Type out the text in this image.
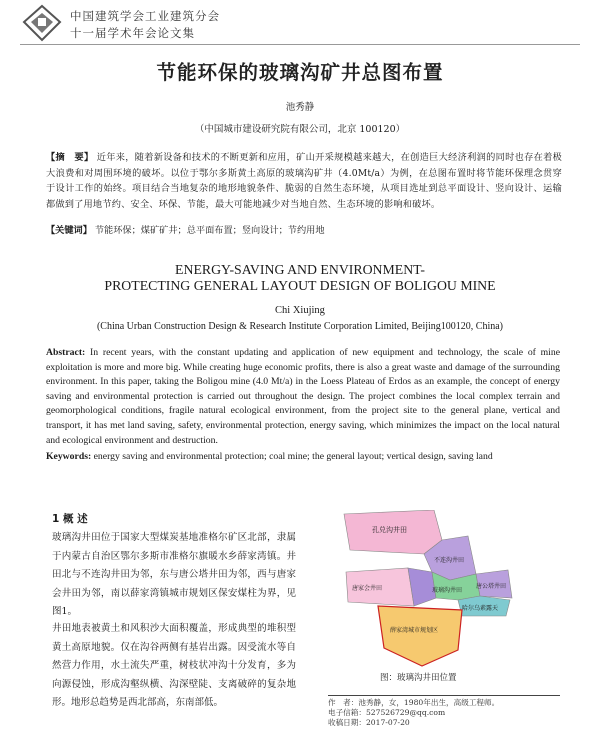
中国建筑学会工业建筑分会
十一届学术年会论文集
节能环保的玻璃沟矿井总图布置
池秀静
（中国城市建设研究院有限公司，北京 100120）
【摘　要】 近年来，随着新设备和技术的不断更新和应用，矿山开采规模越来越大，在创造巨大经济利润的同时也存在着极大浪费和对周围环境的破坏。以位于鄂尔多斯黄土高原的玻璃沟矿井（4.0Mt/a）为例，在总图布置时将节能环保理念贯穿于设计工作的始终。项目结合当地复杂的地形地貌条件、脆弱的自然生态环境，从项目选址到总平面设计、竖向设计、运输都做到了用地节约、安全、环保、节能，最大可能地减少对当地自然、生态环境的影响和破坏。
【关键词】 节能环保；煤矿矿井；总平面布置；竖向设计；节约用地
ENERGY-SAVING AND ENVIRONMENT-
PROTECTING GENERAL LAYOUT DESIGN OF BOLIGOU MINE
Chi Xiujing
(China Urban Construction Design & Research Institute Corporation Limited, Beijing100120, China)
Abstract: In recent years, with the constant updating and application of new equipment and technology, the scale of mine exploitation is more and more big. While creating huge economic profits, there is also a great waste and damage of the surrounding environment. In this paper, taking the Boligou mine (4.0 Mt/a) in the Loess Plateau of Erdos as an example, the concept of energy saving and environmental protection is carried out throughout the design. The project combines the local complex terrain and geomorphological conditions, fragile natural ecological environment, from the project site to the general plane, vertical and transport, it has met land saving, safety, environmental protection, energy saving, which minimizes the impact on the local natural and ecological environment and destruction.
Keywords: energy saving and environmental protection; coal mine; the general layout; vertical design, saving land
1 概 述
玻璃沟井田位于国家大型煤炭基地准格尔矿区北部，隶属于内蒙古自治区鄂尔多斯市准格尔旗暖水乡薛家湾镇。井田北与不连沟井田为邻，东与唐公塔井田为邻，西与唐家会井田为邻，南以薛家湾镇城市规划区保安煤柱为界，见图1。
井田地表被黄土和风积沙大面积覆盖，形成典型的堆积型黄土高原地貌。仅在沟谷两侧有基岩出露。因受流水等自然营力作用，水土流失严重，树枝状冲沟十分发育，多为向源侵蚀，形成沟壑纵横、沟深壁陡、支离破碎的复杂地形。地形总趋势是西北部高，东南部低。
孔兑沟井田
不连沟井田
唐家会井田	玻璃沟井田
唐公塔井田
哈尔乌素露天
薛家湾城市规划区
图：玻璃沟井田位置
作　者：池秀静，女，1980年出生，高级工程师。
电子信箱：527526729@qq.com
收稿日期：2017-07-20
